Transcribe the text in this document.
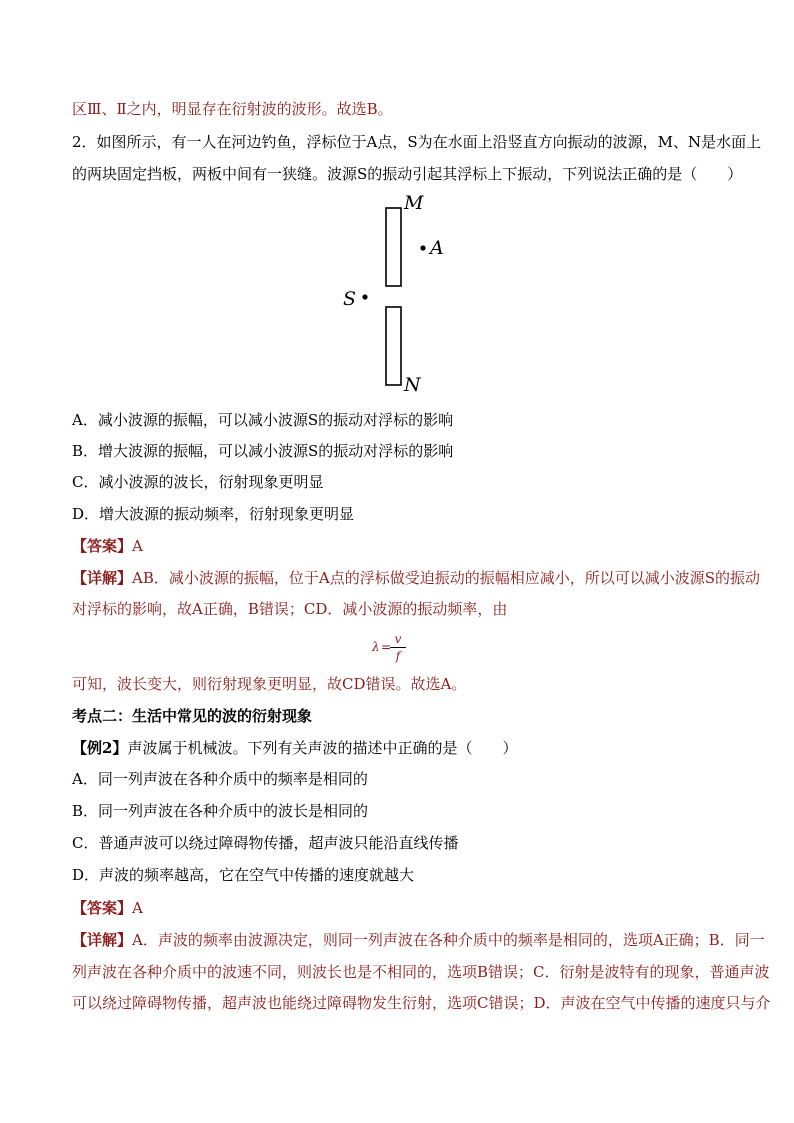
区Ⅲ、Ⅱ之内，明显存在衍射波的波形。故选B。
2．如图所示，有一人在河边钓鱼，浮标位于A点，S为在水面上沿竖直方向振动的波源，M、N是水面上
的两块固定挡板，两板中间有一狭缝。波源S的振动引起其浮标上下振动，下列说法正确的是（　　）
M
A
S
N
A．减小波源的振幅，可以减小波源S的振动对浮标的影响
B．增大波源的振幅，可以减小波源S的振动对浮标的影响
C．减小波源的波长，衍射现象更明显
D．增大波源的振动频率，衍射现象更明显
【答案】A
【详解】AB．减小波源的振幅，位于A点的浮标做受迫振动的振幅相应减小，所以可以减小波源S的振动
对浮标的影响，故A正确，B错误；CD．减小波源的振动频率，由
λ =
v
f
可知，波长变大，则衍射现象更明显，故CD错误。故选A。
考点二：生活中常见的波的衍射现象
【例2】声波属于机械波。下列有关声波的描述中正确的是（　　）
A．同一列声波在各种介质中的频率是相同的
B．同一列声波在各种介质中的波长是相同的
C．普通声波可以绕过障碍物传播，超声波只能沿直线传播
D．声波的频率越高，它在空气中传播的速度就越大
【答案】A
【详解】A．声波的频率由波源决定，则同一列声波在各种介质中的频率是相同的，选项A正确；B．同一
列声波在各种介质中的波速不同，则波长也是不相同的，选项B错误；C．衍射是波特有的现象，普通声波
可以绕过障碍物传播，超声波也能绕过障碍物发生衍射，选项C错误；D．声波在空气中传播的速度只与介
